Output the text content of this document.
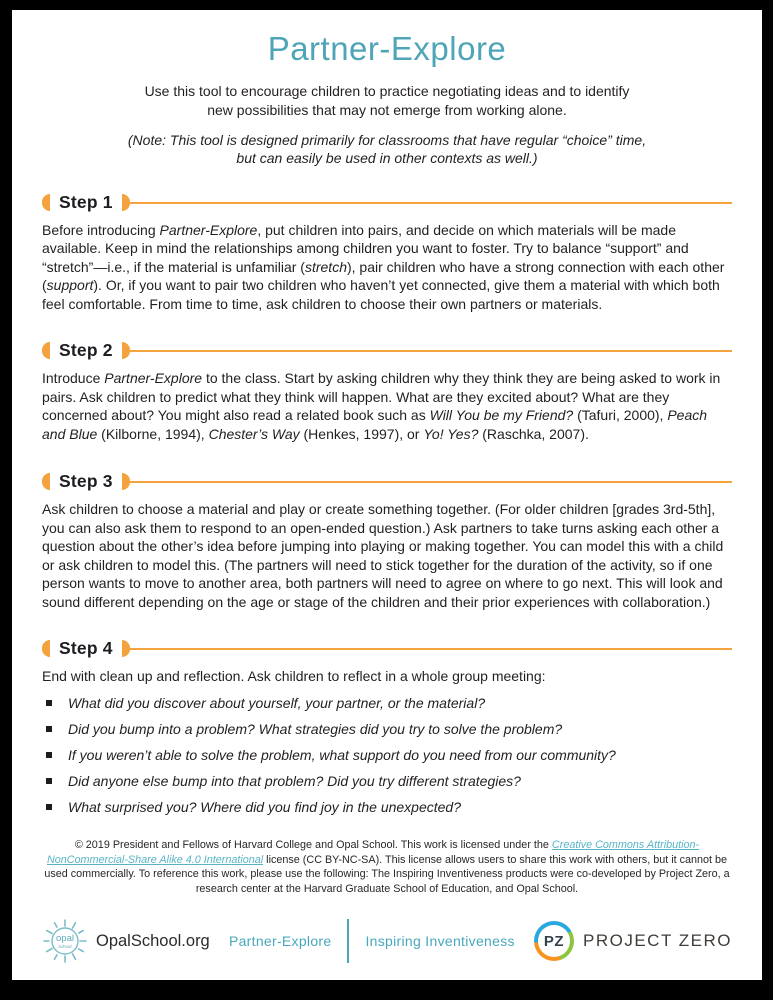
Partner-Explore
Use this tool to encourage children to practice negotiating ideas and to identify
new possibilities that may not emerge from working alone.
(Note: This tool is designed primarily for classrooms that have regular “choice” time,
but can easily be used in other contexts as well.)
Step 1

Before introducing Partner-Explore, put children into pairs, and decide on which materials will be made available. Keep in mind the relationships among children you want to foster. Try to balance “support” and “stretch”—i.e., if the material is unfamiliar (stretch), pair children who have a strong connection with each other (support). Or, if you want to pair two children who haven’t yet connected, give them a material with which both feel comfortable. From time to time, ask children to choose their own partners or materials.

Step 2

Introduce Partner-Explore to the class. Start by asking children why they think they are being asked to work in pairs. Ask children to predict what they think will happen. What are they excited about? What are they concerned about? You might also read a related book such as Will You be my Friend? (Tafuri, 2000), Peach and Blue (Kilborne, 1994), Chester’s Way (Henkes, 1997), or Yo! Yes? (Raschka, 2007).

Step 3

Ask children to choose a material and play or create something together. (For older children [grades 3rd-5th], you can also ask them to respond to an open-ended question.) Ask partners to take turns asking each other a question about the other’s idea before jumping into playing or making together. You can model this with a child or ask children to model this. (The partners will need to stick together for the duration of the activity, so if one person wants to move to another area, both partners will need to agree on where to go next. This will look and sound different depending on the age or stage of the children and their prior experiences with collaboration.)

Step 4

End with clean up and reflection. Ask children to reflect in a whole group meeting:

What did you discover about yourself, your partner, or the material?
Did you bump into a problem? What strategies did you try to solve the problem?
If you weren’t able to solve the problem, what support do you need from our community?
Did anyone else bump into that problem? Did you try different strategies?
What surprised you? Where did you find joy in the unexpected?

© 2019 President and Fellows of Harvard College and Opal School. This work is licensed under the Creative Commons Attribution-NonCommercial-Share Alike 4.0 International license (CC BY-NC-SA). This license allows users to share this work with others, but it cannot be used commercially. To reference this work, please use the following: The Inspiring Inventiveness products were co-developed by Project Zero, a research center at the Harvard Graduate School of Education, and Opal School.

opal
school OpalSchool.org Partner-Explore Inspiring Inventiveness	PZ	PROJECT ZERO
